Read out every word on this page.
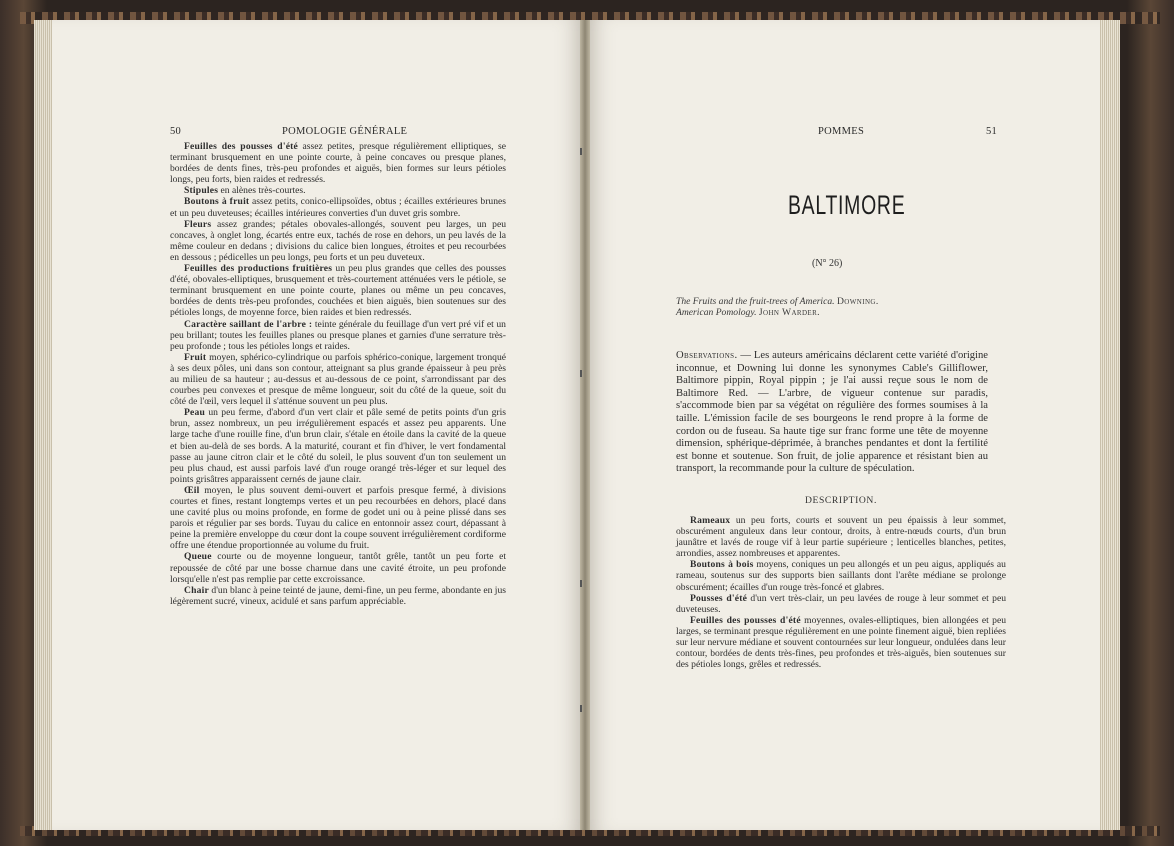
50	POMOLOGIE GÉNÉRALE

Feuilles des pousses d'été assez petites, presque régulièrement elliptiques, se terminant brusquement en une pointe courte, à peine concaves ou presque planes, bordées de dents fines, très-peu profondes et aiguës, bien formes sur leurs pétioles longs, peu forts, bien raides et redressés.

Stipules en alènes très-courtes.

Boutons à fruit assez petits, conico-ellipsoïdes, obtus ; écailles extérieures brunes et un peu duveteuses; écailles intérieures converties d'un duvet gris sombre.

Fleurs assez grandes; pétales obovales-allongés, souvent peu larges, un peu concaves, à onglet long, écartés entre eux, tachés de rose en dehors, un peu lavés de la même couleur en dedans ; divisions du calice bien longues, étroites et peu recourbées en dessous ; pédicelles un peu longs, peu forts et un peu duveteux.

Feuilles des productions fruitières un peu plus grandes que celles des pousses d'été, obovales-elliptiques, brusquement et très-courtement atténuées vers le pétiole, se terminant brusquement en une pointe courte, planes ou même un peu concaves, bordées de dents très-peu profondes, couchées et bien aiguës, bien soutenues sur des pétioles longs, de moyenne force, bien raides et bien redressés.

Caractère saillant de l'arbre : teinte générale du feuillage d'un vert pré vif et un peu brillant; toutes les feuilles planes ou presque planes et garnies d'une serrature très-peu profonde ; tous les pétioles longs et raides.

Fruit moyen, sphérico-cylindrique ou parfois sphérico-conique, largement tronqué à ses deux pôles, uni dans son contour, atteignant sa plus grande épaisseur à peu près au milieu de sa hauteur ; au-dessus et au-dessous de ce point, s'arrondissant par des courbes peu convexes et presque de même longueur, soit du côté de la queue, soit du côté de l'œil, vers lequel il s'atténue souvent un peu plus.

Peau un peu ferme, d'abord d'un vert clair et pâle semé de petits points d'un gris brun, assez nombreux, un peu irrégulièrement espacés et assez peu apparents. Une large tache d'une rouille fine, d'un brun clair, s'étale en étoile dans la cavité de la queue et bien au-delà de ses bords. A la maturité, courant et fin d'hiver, le vert fondamental passe au jaune citron clair et le côté du soleil, le plus souvent d'un ton seulement un peu plus chaud, est aussi parfois lavé d'un rouge orangé très-léger et sur lequel des points grisâtres apparaissent cernés de jaune clair.

Œil moyen, le plus souvent demi-ouvert et parfois presque fermé, à divisions courtes et fines, restant longtemps vertes et un peu recourbées en dehors, placé dans une cavité plus ou moins profonde, en forme de godet uni ou à peine plissé dans ses parois et régulier par ses bords. Tuyau du calice en entonnoir assez court, dépassant à peine la première enveloppe du cœur dont la coupe souvent irrégulièrement cordiforme offre une étendue proportionnée au volume du fruit.

Queue courte ou de moyenne longueur, tantôt grêle, tantôt un peu forte et repoussée de côté par une bosse charnue dans une cavité étroite, un peu profonde lorsqu'elle n'est pas remplie par cette excroissance.

Chair d'un blanc à peine teinté de jaune, demi-fine, un peu ferme, abondante en jus légèrement sucré, vineux, acidulé et sans parfum appréciable.

POMMES	51
BALTIMORE
(N° 26)
The Fruits and the fruit-trees of America. Downing.
American Pomology. John Warder.
Observations. — Les auteurs américains déclarent cette variété d'origine inconnue, et Downing lui donne les synonymes Cable's Gilliflower, Baltimore pippin, Royal pippin ; je l'ai aussi reçue sous le nom de Baltimore Red. — L'arbre, de vigueur contenue sur paradis, s'accommode bien par sa végétat on régulière des formes soumises à la taille. L'émission facile de ses bourgeons le rend propre à la forme de cordon ou de fuseau. Sa haute tige sur franc forme une tête de moyenne dimension, sphérique-déprimée, à branches pendantes et dont la fertilité est bonne et soutenue. Son fruit, de jolie apparence et résistant bien au transport, la recommande pour la culture de spéculation.
DESCRIPTION.

Rameaux un peu forts, courts et souvent un peu épaissis à leur sommet, obscurément anguleux dans leur contour, droits, à entre-nœuds courts, d'un brun jaunâtre et lavés de rouge vif à leur partie supérieure ; lenticelles blanches, petites, arrondies, assez nombreuses et apparentes.

Boutons à bois moyens, coniques un peu allongés et un peu aigus, appliqués au rameau, soutenus sur des supports bien saillants dont l'arête médiane se prolonge obscurément; écailles d'un rouge très-foncé et glabres.

Pousses d'été d'un vert très-clair, un peu lavées de rouge à leur sommet et peu duveteuses.

Feuilles des pousses d'été moyennes, ovales-elliptiques, bien allongées et peu larges, se terminant presque régulièrement en une pointe finement aiguë, bien repliées sur leur nervure médiane et souvent contournées sur leur longueur, ondulées dans leur contour, bordées de dents très-fines, peu profondes et très-aiguës, bien soutenues sur des pétioles longs, grêles et redressés.
